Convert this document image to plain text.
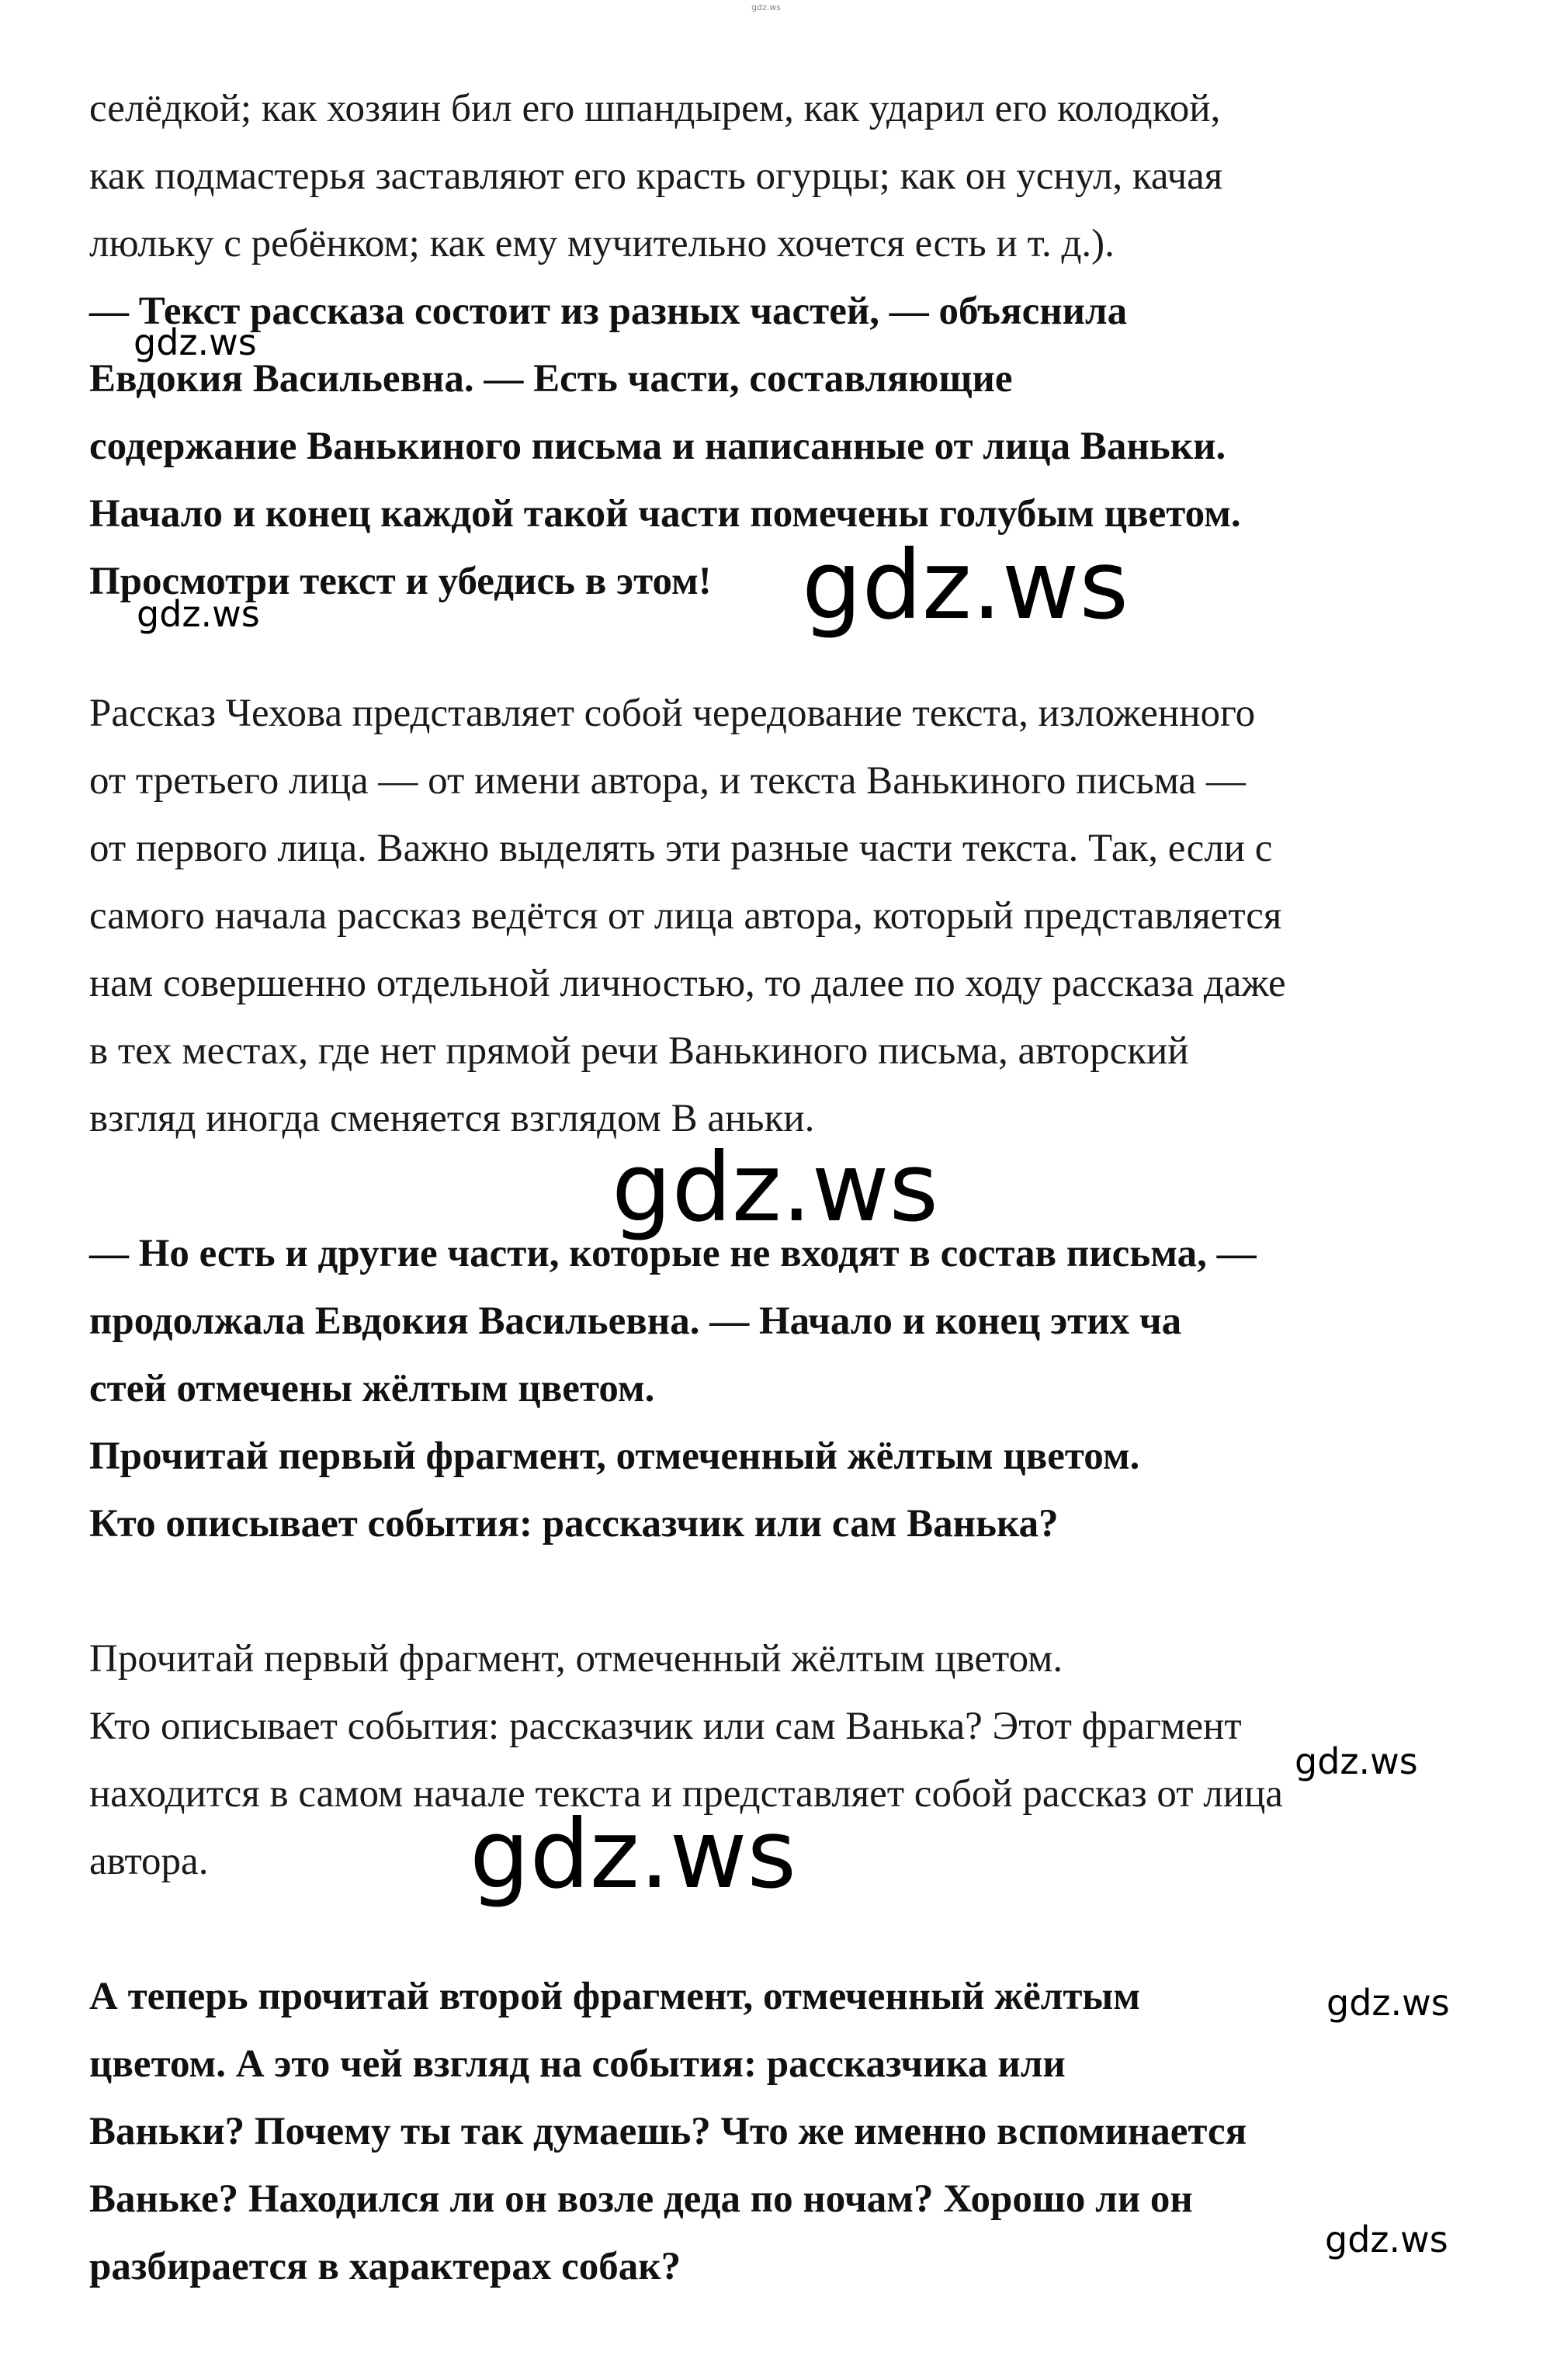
селёдкой; как хозяин бил его шпандырем, как ударил его колодкой,
как подмастерья заставляют его красть огурцы; как он уснул, качая
люльку с ребёнком; как ему мучительно хочется есть и т. д.).
— Текст рассказа состоит из разных частей, — объяснила
Евдокия Васильевна. — Есть части, составляющие
содержание Ванькиного письма и написанные от лица Ваньки.
Начало и конец каждой такой части помечены голубым цветом.
Просмотри текст и убедись в этом!
Рассказ Чехова представляет собой чередование текста, изложенного
от третьего лица — от имени автора, и текста Ванькиного письма —
от первого лица. Важно выделять эти разные части текста. Так, если с
самого начала рассказ ведётся от лица автора, который представляется
нам совершенно отдельной личностью, то далее по ходу рассказа даже
в тех местах, где нет прямой речи Ванькиного письма, авторский
взгляд иногда сменяется взглядом В аньки.
— Но есть и другие части, которые не входят в состав письма, —
продолжала Евдокия Васильевна. — Начало и конец этих ча
стей отмечены жёлтым цветом.
Прочитай первый фрагмент, отмеченный жёлтым цветом.
Кто описывает события: рассказчик или сам Ванька?
Прочитай первый фрагмент, отмеченный жёлтым цветом.
Кто описывает события: рассказчик или сам Ванька? Этот фрагмент
находится в самом начале текста и представляет собой рассказ от лица
автора.
А теперь прочитай второй фрагмент, отмеченный жёлтым
цветом. А это чей взгляд на события: рассказчика или
Ваньки? Почему ты так думаешь? Что же именно вспоминается
Ваньке? Находился ли он возле деда по ночам? Хорошо ли он
разбирается в характерах собак?
gdz.ws
gdz.ws
gdz.ws	gdz.ws
gdz.ws
gdz.ws
gdz.ws
gdz.ws
gdz.ws
